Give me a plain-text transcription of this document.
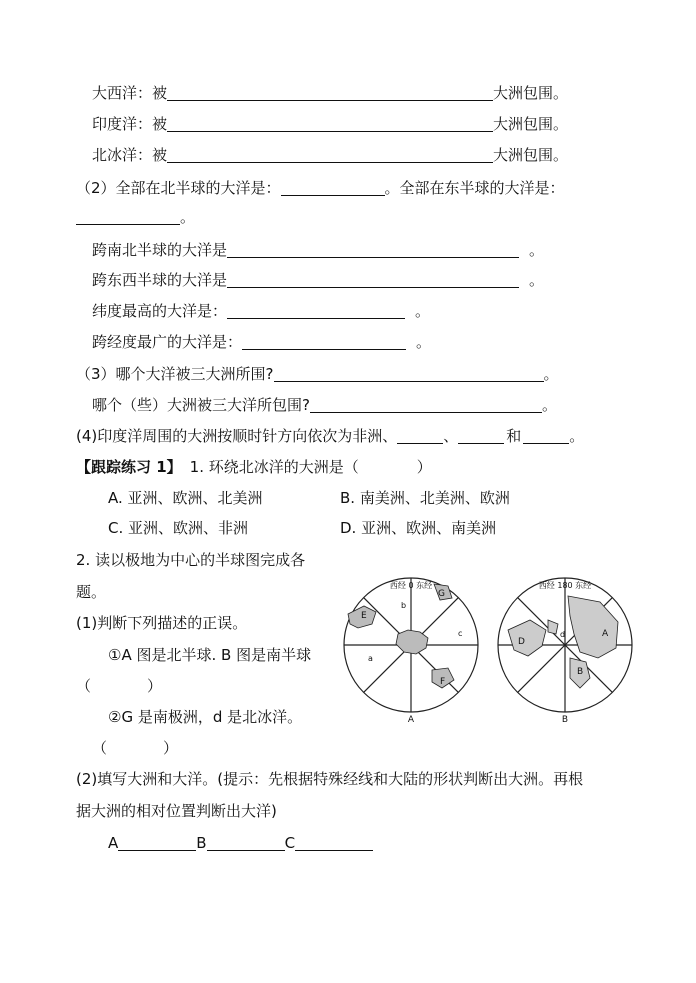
大西洋：被	大洲包围。
印度洋：被	大洲包围。
北冰洋：被	大洲包围。
（2）全部在北半球的大洋是：	。全部在东半球的大洋是：
。
跨南北半球的大洋是	。
跨东西半球的大洋是	。
纬度最高的大洋是：	。
跨经度最广的大洋是：	。
（3）哪个大洋被三大洲所围?	。
哪个（些）大洲被三大洋所包围?	。
(4)印度洋周围的大洲按顺时针方向依次为非洲、	、	和	。
【跟踪练习 1】 1. 环绕北冰洋的大洲是（	）
A. 亚洲、欧洲、北美洲	B. 南美洲、北美洲、欧洲
C. 亚洲、欧洲、非洲	D. 亚洲、欧洲、南美洲
2. 读以极地为中心的半球图完成各
题。
(1)判断下列描述的正误。
①A 图是北半球. B 图是南半球
（	）
②G 是南极洲，d 是北冰洋。
（	）
(2)填写大洲和大洋。(提示：先根据特殊经线和大陆的形状判断出大洲。再根
据大洲的相对位置判断出大洋)
A	B	C
西经 0 东经
E
b
G
c
a
F
A
西经 180 东经
D
d	A
B
B
